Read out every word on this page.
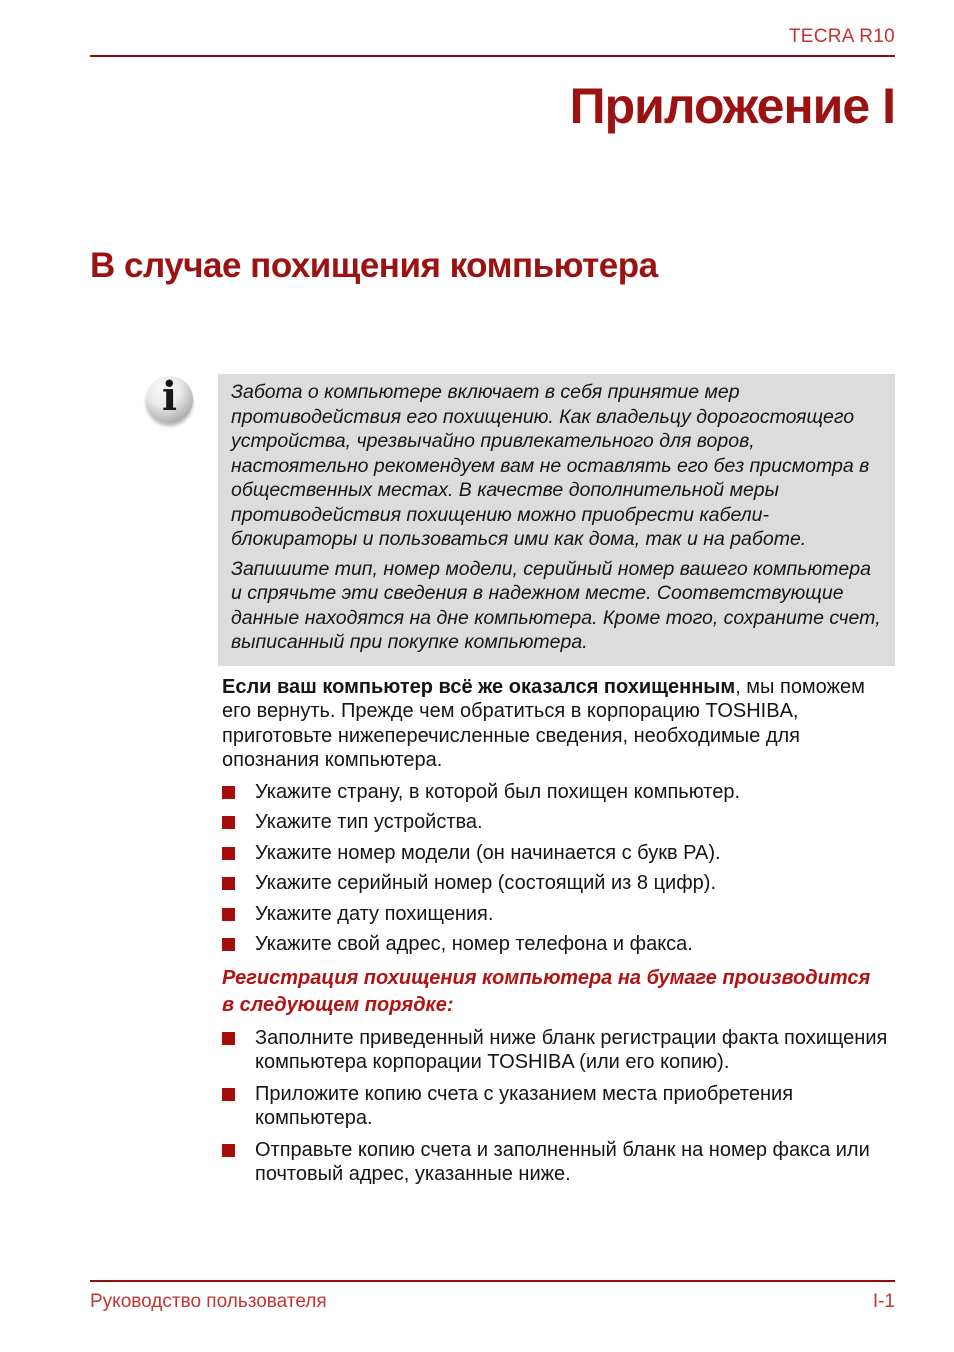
TECRA R10
Приложение I
В случае похищения компьютера
i	Забота о компьютере включает в себя принятие мер противодействия его похищению. Как владельцу дорогостоящего устройства, чрезвычайно привлекательного для воров, настоятельно рекомендуем вам не оставлять его без присмотра в общественных местах. В качестве дополнительной меры противодействия похищению можно приобрести кабели-блокираторы и пользоваться ими как дома, так и на работе.

Запишите тип, номер модели, серийный номер вашего компьютера и спрячьте эти сведения в надежном месте. Соответствующие данные находятся на дне компьютера. Кроме того, сохраните счет, выписанный при покупке компьютера.

Если ваш компьютер всё же оказался похищенным, мы поможем его вернуть. Прежде чем обратиться в корпорацию TOSHIBA, приготовьте нижеперечисленные сведения, необходимые для опознания компьютера.

Укажите страну, в которой был похищен компьютер.
Укажите тип устройства.
Укажите номер модели (он начинается с букв PA).
Укажите серийный номер (состоящий из 8 цифр).
Укажите дату похищения.
Укажите свой адрес, номер телефона и факса.

Регистрация похищения компьютера на бумаге производится в следующем порядке:

Заполните приведенный ниже бланк регистрации факта похищения компьютера корпорации TOSHIBA (или его копию).
Приложите копию счета с указанием места приобретения компьютера.
Отправьте копию счета и заполненный бланк на номер факса или почтовый адрес, указанные ниже.
Руководство пользователя	I-1
